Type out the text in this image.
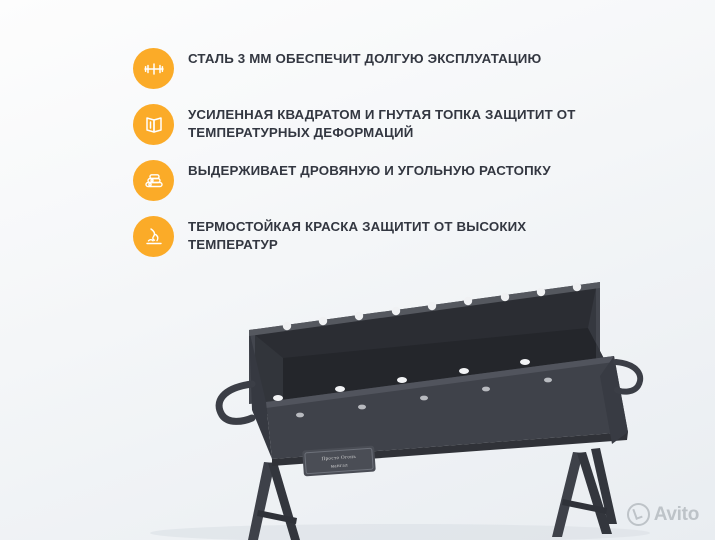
СТАЛЬ 3 ММ ОБЕСПЕЧИТ ДОЛГУЮ ЭКСПЛУАТАЦИЮ
УСИЛЕННАЯ КВАДРАТОМ И ГНУТАЯ ТОПКА ЗАЩИТИТ ОТ ТЕМПЕРАТУРНЫХ ДЕФОРМАЦИЙ
ВЫДЕРЖИВАЕТ ДРОВЯНУЮ И УГОЛЬНУЮ РАСТОПКУ
ТЕРМОСТОЙКАЯ КРАСКА ЗАЩИТИТ ОТ ВЫСОКИХ ТЕМПЕРАТУР
Просто Огонь
мангал
Avito
